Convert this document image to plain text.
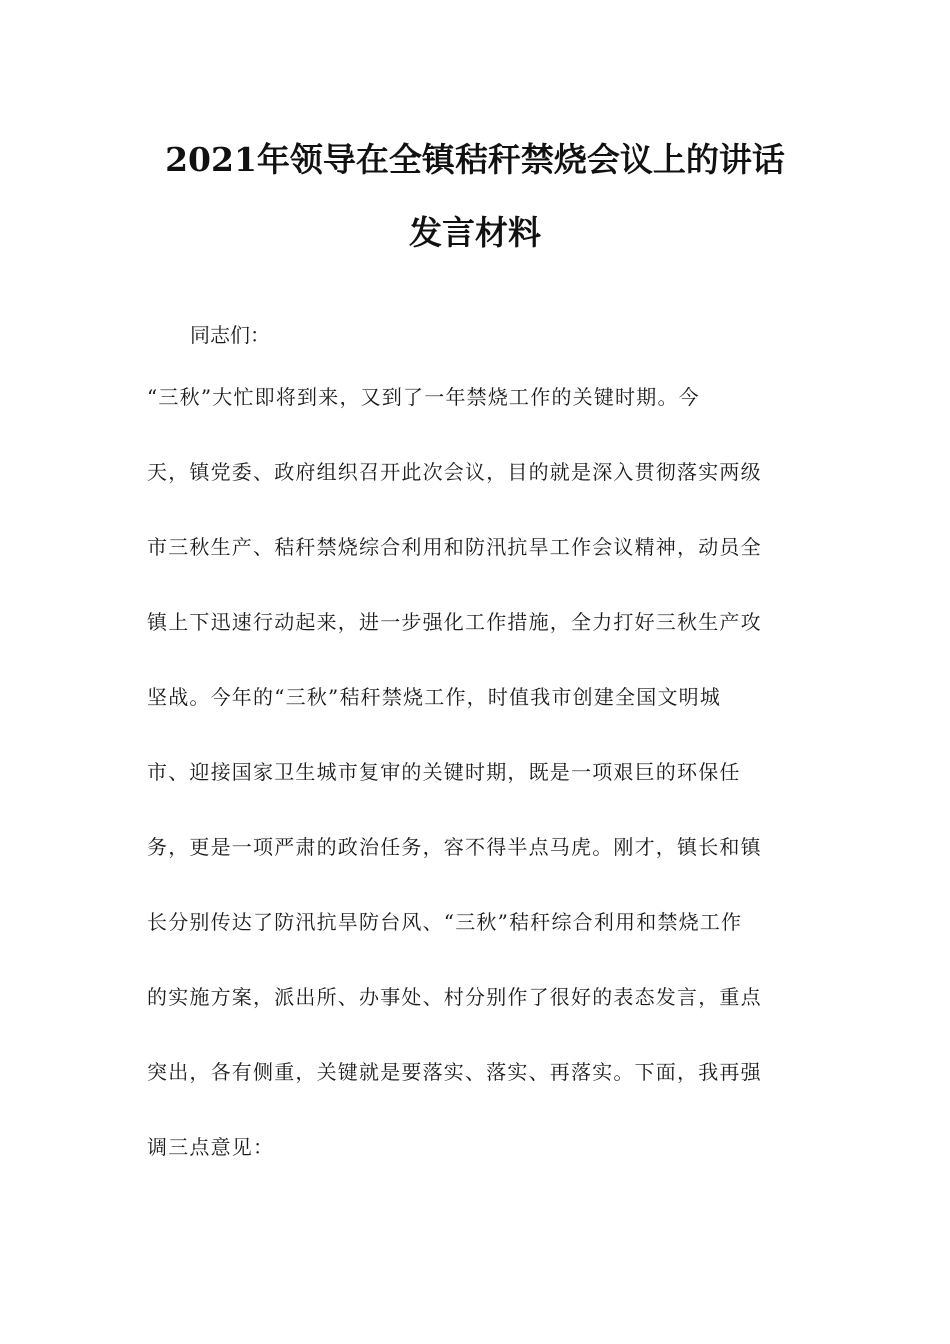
2021年领导在全镇秸秆禁烧会议上的讲话
发言材料
同志们：
“三秋”大忙即将到来，又到了一年禁烧工作的关键时期。今
天，镇党委、政府组织召开此次会议，目的就是深入贯彻落实两级
市三秋生产、秸秆禁烧综合利用和防汛抗旱工作会议精神，动员全
镇上下迅速行动起来，进一步强化工作措施，全力打好三秋生产攻
坚战。今年的“三秋”秸秆禁烧工作，时值我市创建全国文明城
市、迎接国家卫生城市复审的关键时期，既是一项艰巨的环保任
务，更是一项严肃的政治任务，容不得半点马虎。刚才，镇长和镇
长分别传达了防汛抗旱防台风、“三秋”秸秆综合利用和禁烧工作
的实施方案，派出所、办事处、村分别作了很好的表态发言，重点
突出，各有侧重，关键就是要落实、落实、再落实。下面，我再强
调三点意见：
